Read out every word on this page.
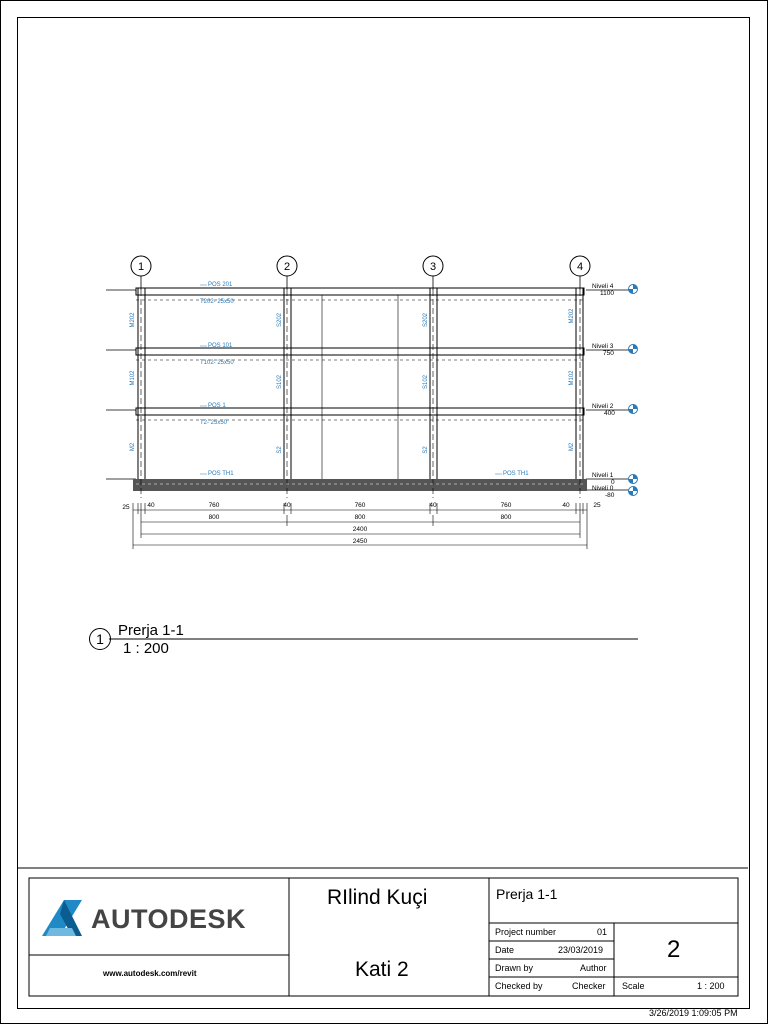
1	2	3	4
POS 201
T202- 25x50
POS 101
T102- 25x50
POS 1
T2- 25x50
POS TH1	POS TH1
M202	S202	S202	M202
M102	S102	S102	M102
M2	S2	S2	M2
Niveli 4
1100
Niveli 3
750
Niveli 2
400
Niveli 1
0
Niveli 0
-80
25	40	760	40	760	40	760	40	25
800	800	800
2400
2450
AUTODESK
1 Prerja 1-1
1 : 200
www.autodesk.com/revit
RIlind Kuçi
Kati 2
Prerja 1-1
Project number	01
Date	23/03/2019
Drawn by	Author
Checked by	Checker
2
Scale	1 : 200
3/26/2019 1:09:05 PM
